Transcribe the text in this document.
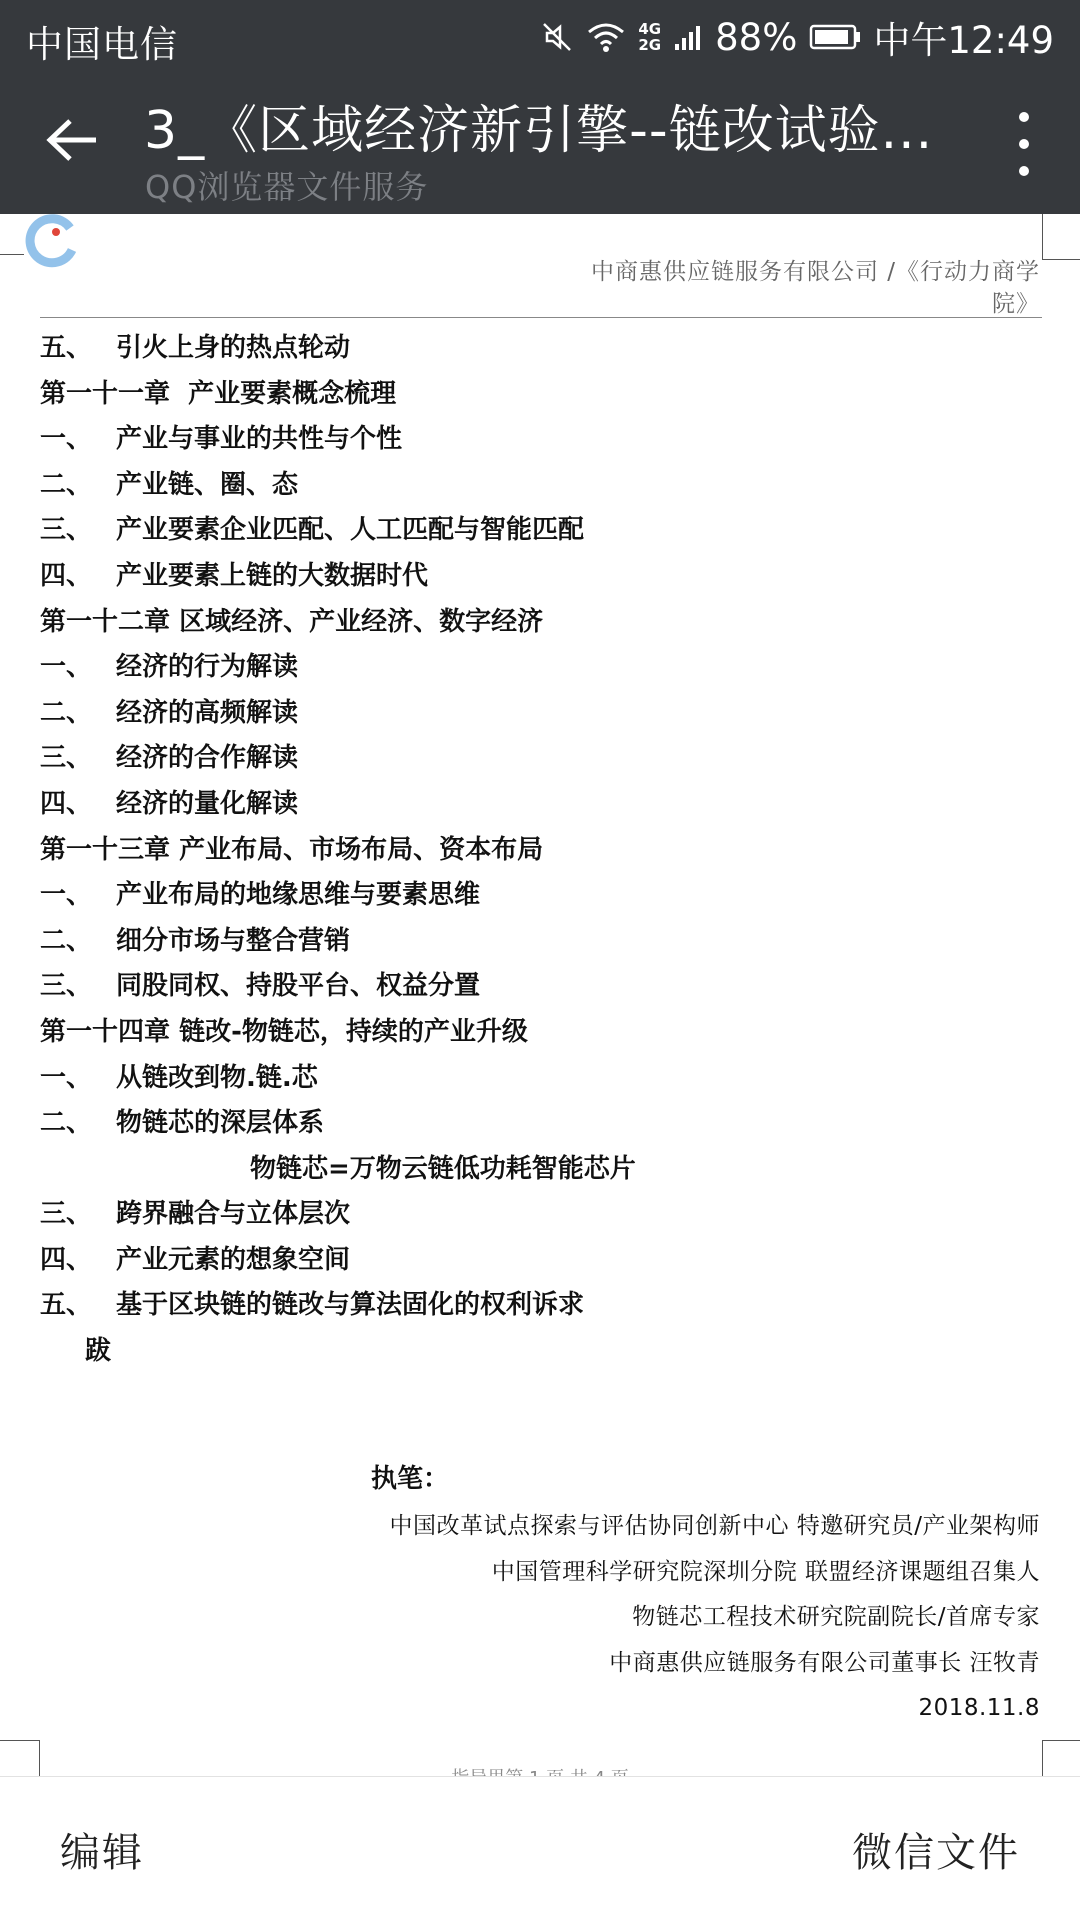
中国电信	4G
2G 88% 中午12:49
3_《区域经济新引擎--链改试验...
QQ浏览器文件服务
中商惠供应链服务有限公司 /《行动力商学院》
五、 引火上身的热点轮动
第一十一章  产业要素概念梳理
一、 产业与事业的共性与个性
二、 产业链、圈、态
三、 产业要素企业匹配、人工匹配与智能匹配
四、 产业要素上链的大数据时代
第一十二章 区域经济、产业经济、数字经济
一、 经济的行为解读
二、 经济的高频解读
三、 经济的合作解读
四、 经济的量化解读
第一十三章 产业布局、市场布局、资本布局
一、 产业布局的地缘思维与要素思维
二、 细分市场与整合营销
三、 同股同权、持股平台、权益分置
第一十四章 链改-物链芯，持续的产业升级
一、 从链改到物.链.芯
二、 物链芯的深层体系
物链芯=万物云链低功耗智能芯片
三、 跨界融合与立体层次
四、 产业元素的想象空间
五、 基于区块链的链改与算法固化的权利诉求
跋
执笔：
中国改革试点探索与评估协同创新中心 特邀研究员/产业架构师
中国管理科学研究院深圳分院 联盟经济课题组召集人
物链芯工程技术研究院副院长/首席专家
中商惠供应链服务有限公司董事长 汪牧青
2018.11.8
编辑	微信文件
